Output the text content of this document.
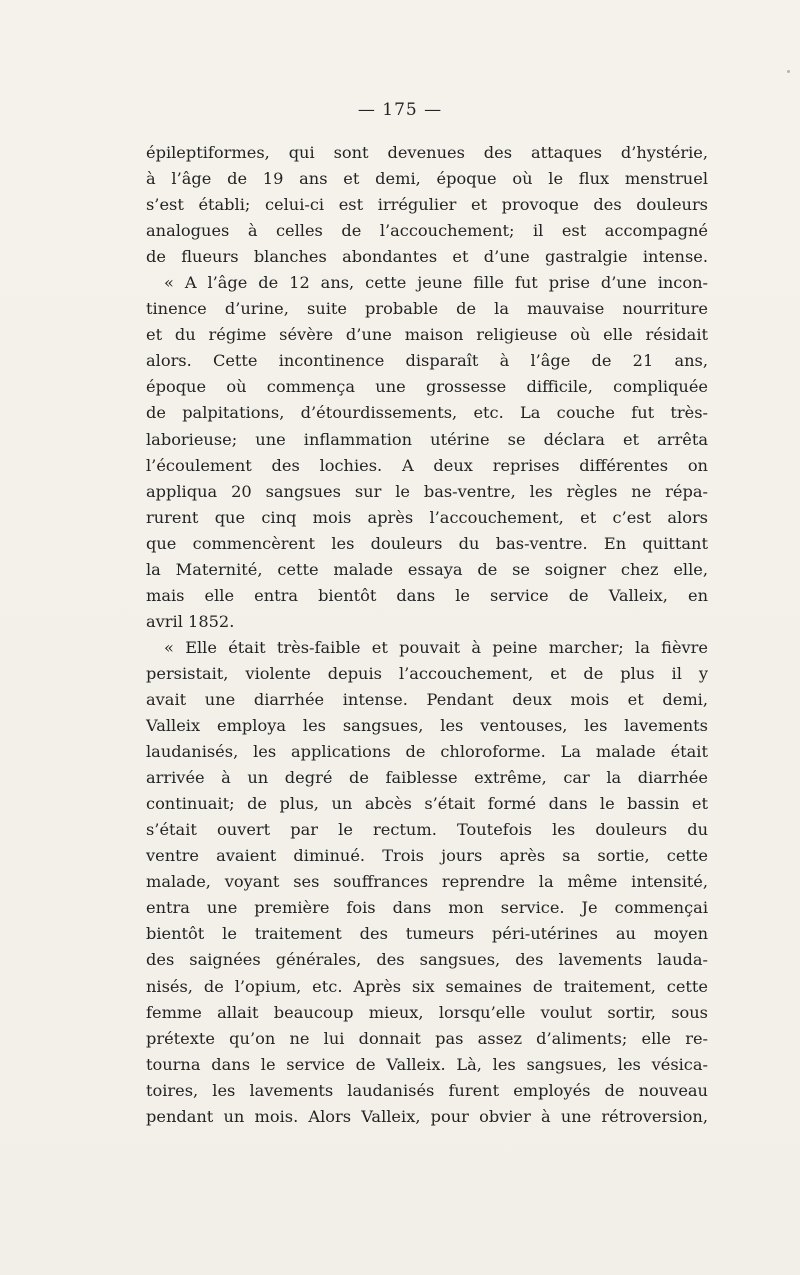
— 175 —
épileptiformes, qui sont devenues des attaques d’hystérie,
à l’âge de 19 ans et demi, époque où le flux menstruel
s’est établi; celui-ci est irrégulier et provoque des douleurs
analogues à celles de l’accouchement; il est accompagné
de flueurs blanches abondantes et d’une gastralgie intense.
« A l’âge de 12 ans, cette jeune fille fut prise d’une incon-
tinence d’urine, suite probable de la mauvaise nourriture
et du régime sévère d’une maison religieuse où elle résidait
alors. Cette incontinence disparaît à l’âge de 21 ans,
époque où commença une grossesse difficile, compliquée
de palpitations, d’étourdissements, etc. La couche fut très-
laborieuse; une inflammation utérine se déclara et arrêta
l’écoulement des lochies. A deux reprises différentes on
appliqua 20 sangsues sur le bas-ventre, les règles ne répa-
rurent que cinq mois après l’accouchement, et c’est alors
que commencèrent les douleurs du bas-ventre. En quittant
la Maternité, cette malade essaya de se soigner chez elle,
mais elle entra bientôt dans le service de Valleix, en
avril 1852.
« Elle était très-faible et pouvait à peine marcher; la fièvre
persistait, violente depuis l’accouchement, et de plus il y
avait une diarrhée intense. Pendant deux mois et demi,
Valleix employa les sangsues, les ventouses, les lavements
laudanisés, les applications de chloroforme. La malade était
arrivée à un degré de faiblesse extrême, car la diarrhée
continuait; de plus, un abcès s’était formé dans le bassin et
s’était ouvert par le rectum. Toutefois les douleurs du
ventre avaient diminué. Trois jours après sa sortie, cette
malade, voyant ses souffrances reprendre la même intensité,
entra une première fois dans mon service. Je commençai
bientôt le traitement des tumeurs péri-utérines au moyen
des saignées générales, des sangsues, des lavements lauda-
nisés, de l’opium, etc. Après six semaines de traitement, cette
femme allait beaucoup mieux, lorsqu’elle voulut sortir, sous
prétexte qu’on ne lui donnait pas assez d’aliments; elle re-
tourna dans le service de Valleix. Là, les sangsues, les vésica-
toires, les lavements laudanisés furent employés de nouveau
pendant un mois. Alors Valleix, pour obvier à une rétroversion,
